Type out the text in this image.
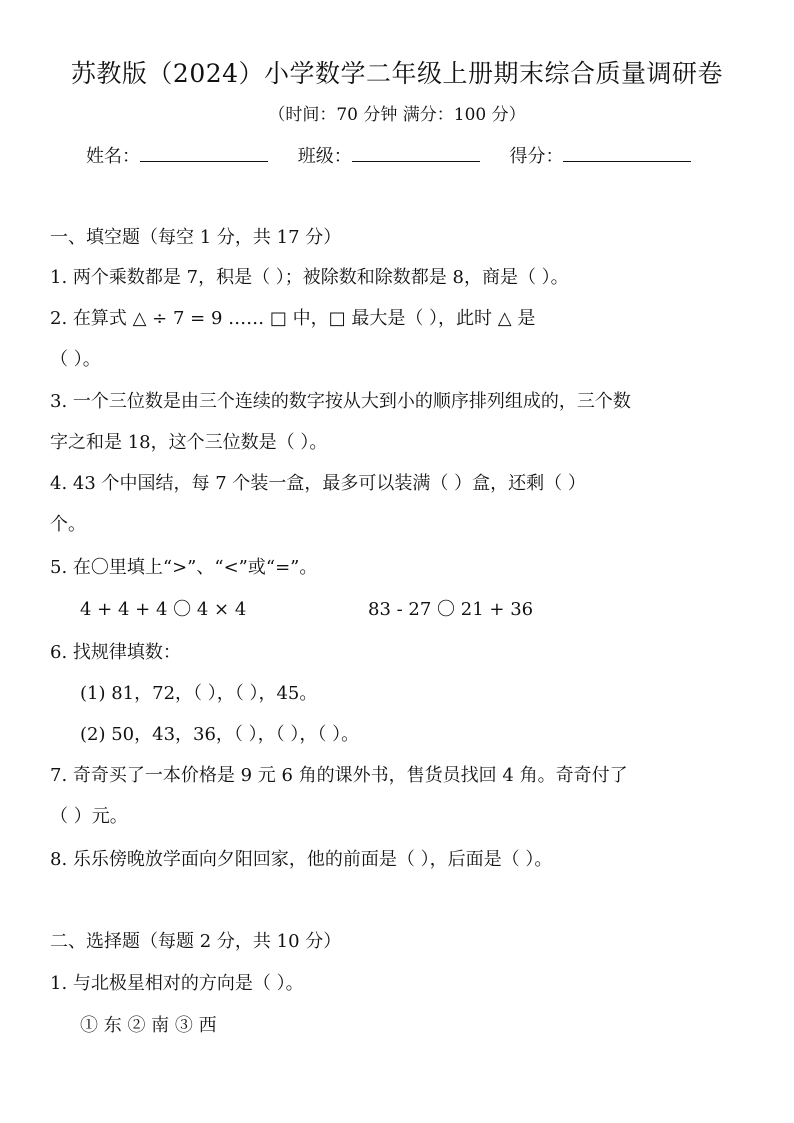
苏教版（2024）小学数学二年级上册期末综合质量调研卷
（时间：70 分钟 满分：100 分）
姓名：	班级：	得分：
一、填空题（每空 1 分，共 17 分）
1. 两个乘数都是 7，积是（ ）；被除数和除数都是 8，商是（ ）。
2. 在算式 △ ÷ 7 = 9 …… □ 中，□ 最大是（ ），此时 △ 是
（ ）。
3. 一个三位数是由三个连续的数字按从大到小的顺序排列组成的，三个数
字之和是 18，这个三位数是（ ）。
4. 43 个中国结，每 7 个装一盒，最多可以装满（ ）盒，还剩（ ）
个。
5. 在〇里填上“>”、“<”或“=”。
4 + 4 + 4 〇 4 × 4	83 - 27 〇 21 + 36
6. 找规律填数：
(1) 81，72，（ ），（ ），45。
(2) 50，43，36，（ ），（ ），（ ）。
7. 奇奇买了一本价格是 9 元 6 角的课外书，售货员找回 4 角。奇奇付了
（ ）元。
8. 乐乐傍晚放学面向夕阳回家，他的前面是（ ），后面是（ ）。
二、选择题（每题 2 分，共 10 分）
1. 与北极星相对的方向是（ ）。
① 东 ② 南 ③ 西
